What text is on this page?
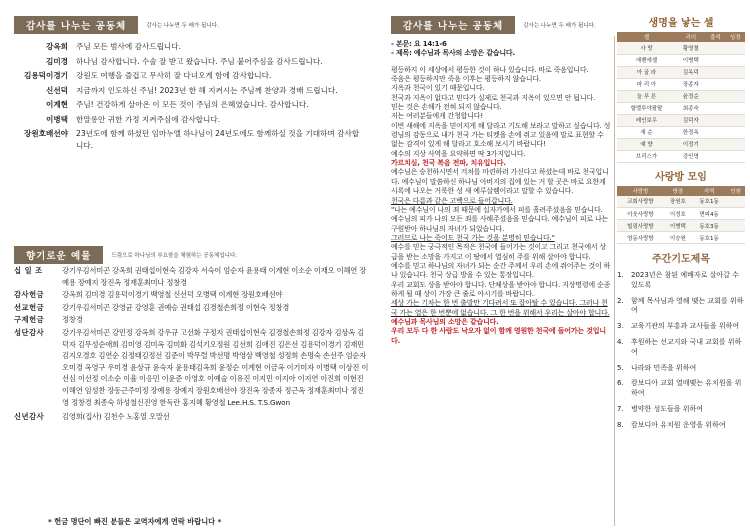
감사를 나누는 공동체	감사는 나누면 두 배가 됩니다.
강옥희	주님 모든 범사에 감사드립니다.
김미경	하나님 감사합니다. 수술 잘 받고 왔습니다. 주님 붙어주심을 감사드립니다.
김용덕이경기	강원도 여행을 즐겁고 무사히 잘 다녀오게 함에 감사합니다.
신선덕	지금까지 인도하신 주님! 2023년 한 해 지켜시는 주님께 찬양과 경배 드립니다.
이계현	주님! 건강하게 살아온 이 모든 것이 주님의 은혜였습니다. 감사합니다.
이병택	한말롱안 귀한 가정 지켜주심에 감사합니다.
장원호배선야	23년도에 함께 하셨던 임마누엘 하나님이 24년도에도 함께하실 것을 기대하며 감사합니다.
향기로운 예물	드림으로 하나님의 부요함을 체험하는 공동체입니다.
십 일 조	강기우김서미곤 강옥희 권태섭이현숙 김강자 서숙이 엄순자 윤용태 이계현 이소순 이재오 이해연 장예용 장예지 장진옥 정재훈최미나 정창경
감사헌금	강옥희 김미경 김용덕이경기 백영철 신선덕 오병택 이계현 장원호배선야
선교헌금	강기우김서미곤 강영균 강영훈 권예승 권태섭 김경철손희정 이현숙 정창경
구제헌금	정창경
성단감사	강기우김서미곤 강민정 강옥희 강우규 고선화 구정지 권태섭이현숙 김경철손희정 김강자 김상옥 김덕자 김무성순애희 김미영 김미옥 김미화 김석기오정원 김선희 김애진 김은선 김용덕이경기 김재민 김지오경호 김연순 김정태김정선 김준이 박무렬 박선명 박영삼 백영철 성정희 손명숙 손선주 엄순자 오미경 옥영구 우미경 윤상규 윤숙자 윤용태김옥희 윤정순 이계현 이금옥 이기미자 이병택 이상진 이선심 이선정 이소순 이율 이응민 이윤준 이영호 이예슬 이유진 이지민 이지아 이지연 이진희 이현진 이해연 임성찬 장동근주미정 장예용 장예지 장원호배선야 장진옥 장종자 정근옥 정재훈최미나 정진영 정창경 최종숙 하성철신진영 한독란 홍지혜 황영철 Lee.H.S. T.S.Gwon
신년감사	김영희(집사) 김천수 노홍열 오말선
* 헌금 명단이 빠진 분들은 교역자에게 연락 바랍니다 *
감사를 나누는 공동체	감사는 나누면 두 배가 됩니다.

- 본문: 요 14:1-6

- 제목: 예수님과 목사의 소망은 같습니다.

평등하지 이 세상에서 평등한 것이 하나 있습니다. 바로 죽음입니다.

죽음은 평등하지만 죽음 이후는 평등하지 않습니다.

지옥과 천국이 있기 때문입니다.

천국과 지옥이 없다고 믿다가 실제로 천국과 지옥이 있으면 안 됩니다.

믿는 것은 손해가 전혀 되지 않습니다.

저는 여러분들에게 간청합니다!

이번 새해에 지옥을 믿어지게 해 달라고 기도해 보라고 말하고 싶습니다. 성령님의 감동으로 내가 천국 가는 티켓을 손에 쥐고 있음에 말로 표현할 수 없는 감격이 있게 해 달라고 호소해 보시기 바랍니다!

예수의 지상 사역을 요약하면 딱 3가지입니다.

가르치심, 천국 복음 전파, 치유입니다.

예수님은 승천하시면서 겨처를 마련하러 가신다고 하셨는데 바로 천국입니다. 예수님이 말씀하신 하나님 아버지의 집에 있는 거 할 곳은 바로 요한계시록에 나오는 거룩한 성 새 예루살렘이라고 말할 수 있습니다.

천국은 다름과 같은 고백으로 들어갑니다.

"나는 예수님이 나의 죄 때문에 십자가에서 피를 흘려주셨음을 믿습니다. 예수님의 피가 나의 모든 죄를 사해주셨음을 믿습니다. 예수님이 피로 나는 구원받아 하나님의 자녀가 되었습니다.

그러므로 나는 죽어도 천국 가는 것을 분명히 믿습니다."

예수를 믿는 궁극적인 목적은 천국에 들어가는 것이고 그리고 천국에서 상급을 받는 소망을 가지고 이 땅에서 열심히 주를 위해 살아야 합니다.

예수를 믿고 하나님의 자녀가 되는 순간 주께서 우리 손에 쥐어주는 것이 하나 있습니다. 천국 상급 방을 수 있는 통장입니다.

우리 교회도 상을 받아야 합니다. 단체상을 받아야 합니다. 지상명령에 순종하게 될 때 상이 가장 큰 줄로 아시기를 바랍니다.

세상 가는 기차는 한 번 출발만 기다려서 또 잡아탈 수 있습니다. 그러나 천국 가는 열은 한 번뿐에 없습니다. 그 한 번을 위해서 우리는 살아야 합니다.

예수님과 목사님의 소망은 같습니다.

우리 모두 다 한 사람도 낙오자 없이 함께 영원한 천국에 들어가는 것입니다.

생명을 낳는 셀
셀	리더	출석	성경
사 랑	황영철		
에벤에셀	이병택		
아 굴 라	김옥덕		
마 리 아	장종자		
늘 푸 른	윤정순		
할렐루야팔팔	최종숙		
레인보우	김덕자		
새 순	한정옥		
예 향	이정기		
브리스가	강인영		
사랑방 모임
사랑방	방장	지역	인원
교회사랑방	장원호	동호1동	
이웃사랑방	이정호	면피4동	
힐링사랑방	이병택	동호3동	
영동사랑방	이승원	동호1동	
주간기도제목
1.	2023년은 참된 예배자로 살아갈 수 있도록
2.	함께 목사님과 영해 맺는 교회를 위하여
3.	교육기관의 부흥과 교사들을 위하여
4.	후원하는 선교지와 국내 교회를 위하여
5.	나라와 민족을 위하여
6.	캄보디아 교회 열매맺는 유치원을 위하여
7.	병약한 성도들을 위하여
8.	캄보디아 유치원 운영을 위하여
